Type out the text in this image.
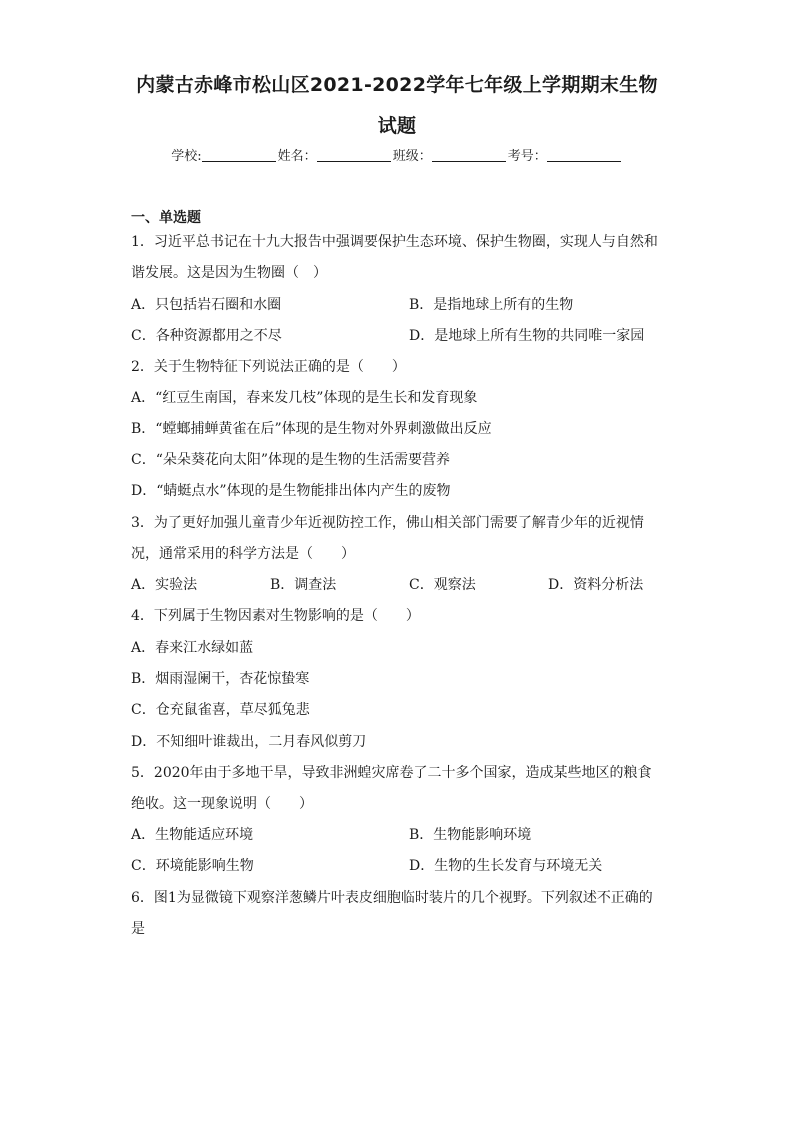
内蒙古赤峰市松山区2021-2022学年七年级上学期期末生物
试题
学校:	姓名：	班级：	考号：
一、单选题
1．习近平总书记在十九大报告中强调要保护生态环境、保护生物圈，实现人与自然和
谐发展。这是因为生物圈（　）
A．只包括岩石圈和水圈	B．是指地球上所有的生物
C．各种资源都用之不尽	D．是地球上所有生物的共同唯一家园
2．关于生物特征下列说法正确的是（　　）
A．“红豆生南国，春来发几枝”体现的是生长和发育现象
B．“螳螂捕蝉黄雀在后”体现的是生物对外界刺激做出反应
C．“朵朵葵花向太阳”体现的是生物的生活需要营养
D．“蜻蜓点水”体现的是生物能排出体内产生的废物
3．为了更好加强儿童青少年近视防控工作，佛山相关部门需要了解青少年的近视情
况，通常采用的科学方法是（　　）
A．实验法	B．调查法	C．观察法	D．资料分析法
4．下列属于生物因素对生物影响的是（　　）
A．春来江水绿如蓝
B．烟雨湿阑干，杏花惊蛰寒
C．仓充鼠雀喜，草尽狐兔悲
D．不知细叶谁裁出，二月春风似剪刀
5．2020年由于多地干旱，导致非洲蝗灾席卷了二十多个国家，造成某些地区的粮食
绝收。这一现象说明（　　）
A．生物能适应环境	B．生物能影响环境
C．环境能影响生物	D．生物的生长发育与环境无关
6．图1为显微镜下观察洋葱鳞片叶表皮细胞临时装片的几个视野。下列叙述不正确的
是
